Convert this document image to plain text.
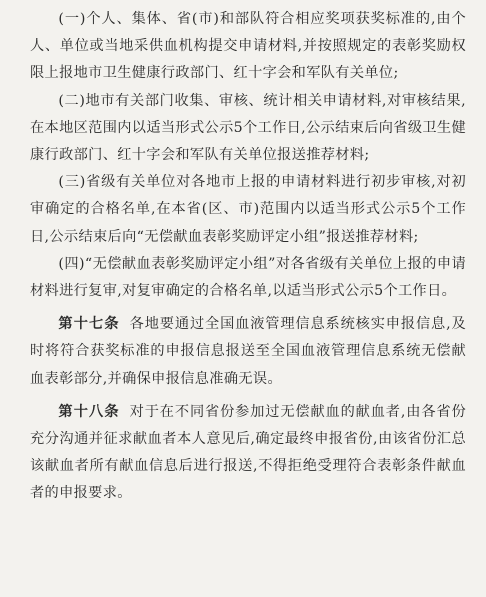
(一)个人、集体、省(市)和部队符合相应奖项获奖标准的,由个人、单位或当地采供血机构提交申请材料,并按照规定的表彰奖励权限上报地市卫生健康行政部门、红十字会和军队有关单位;

(二)地市有关部门收集、审核、统计相关申请材料,对审核结果,在本地区范围内以适当形式公示5个工作日,公示结束后向省级卫生健康行政部门、红十字会和军队有关单位报送推荐材料;

(三)省级有关单位对各地市上报的申请材料进行初步审核,对初审确定的合格名单,在本省(区、市)范围内以适当形式公示5个工作日,公示结束后向“无偿献血表彰奖励评定小组”报送推荐材料;

(四)“无偿献血表彰奖励评定小组”对各省级有关单位上报的申请材料进行复审,对复审确定的合格名单,以适当形式公示5个工作日。

第十七条 各地要通过全国血液管理信息系统核实申报信息,及时将符合获奖标准的申报信息报送至全国血液管理信息系统无偿献血表彰部分,并确保申报信息准确无误。

第十八条 对于在不同省份参加过无偿献血的献血者,由各省份充分沟通并征求献血者本人意见后,确定最终申报省份,由该省份汇总该献血者所有献血信息后进行报送,不得拒绝受理符合表彰条件献血者的申报要求。
